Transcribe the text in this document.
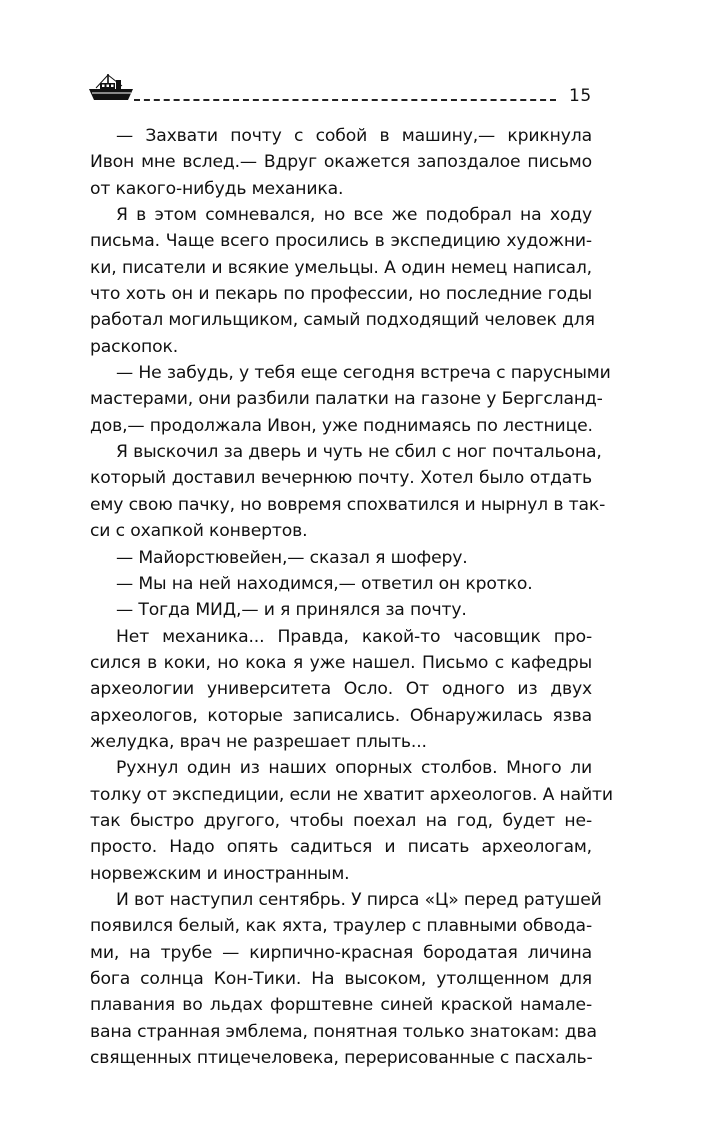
15
— Захвати почту с собой в машину,— крикнула
Ивон мне вслед.— Вдруг окажется запоздалое письмо
от какого-нибудь механика.
Я в этом сомневался, но все же подобрал на ходу
письма. Чаще всего просились в экспедицию художни-
ки, писатели и всякие умельцы. А один немец написал,
что хоть он и пекарь по профессии, но последние годы
работал могильщиком, самый подходящий человек для
раскопок.
— Не забудь, у тебя еще сегодня встреча с парусными
мастерами, они разбили палатки на газоне у Бергсланд-
дов,— продолжала Ивон, уже поднимаясь по лестнице.
Я выскочил за дверь и чуть не сбил с ног почтальона,
который доставил вечернюю почту. Хотел было отдать
ему свою пачку, но вовремя спохватился и нырнул в так-
си с охапкой конвертов.
— Майорстювейен,— сказал я шоферу.
— Мы на ней находимся,— ответил он кротко.
— Тогда МИД,— и я принялся за почту.
Нет механика... Правда, какой-то часовщик про-
сился в коки, но кока я уже нашел. Письмо с кафедры
археологии университета Осло. От одного из двух
археологов, которые записались. Обнаружилась язва
желудка, врач не разрешает плыть...
Рухнул один из наших опорных столбов. Много ли
толку от экспедиции, если не хватит археологов. А найти
так быстро другого, чтобы поехал на год, будет не-
просто. Надо опять садиться и писать археологам,
норвежским и иностранным.
И вот наступил сентябрь. У пирса «Ц» перед ратушей
появился белый, как яхта, траулер с плавными обвода-
ми, на трубе — кирпично-красная бородатая личина
бога солнца Кон-Тики. На высоком, утолщенном для
плавания во льдах форштевне синей краской намале-
вана странная эмблема, понятная только знатокам: два
священных птицечеловека, перерисованные с пасхаль-
